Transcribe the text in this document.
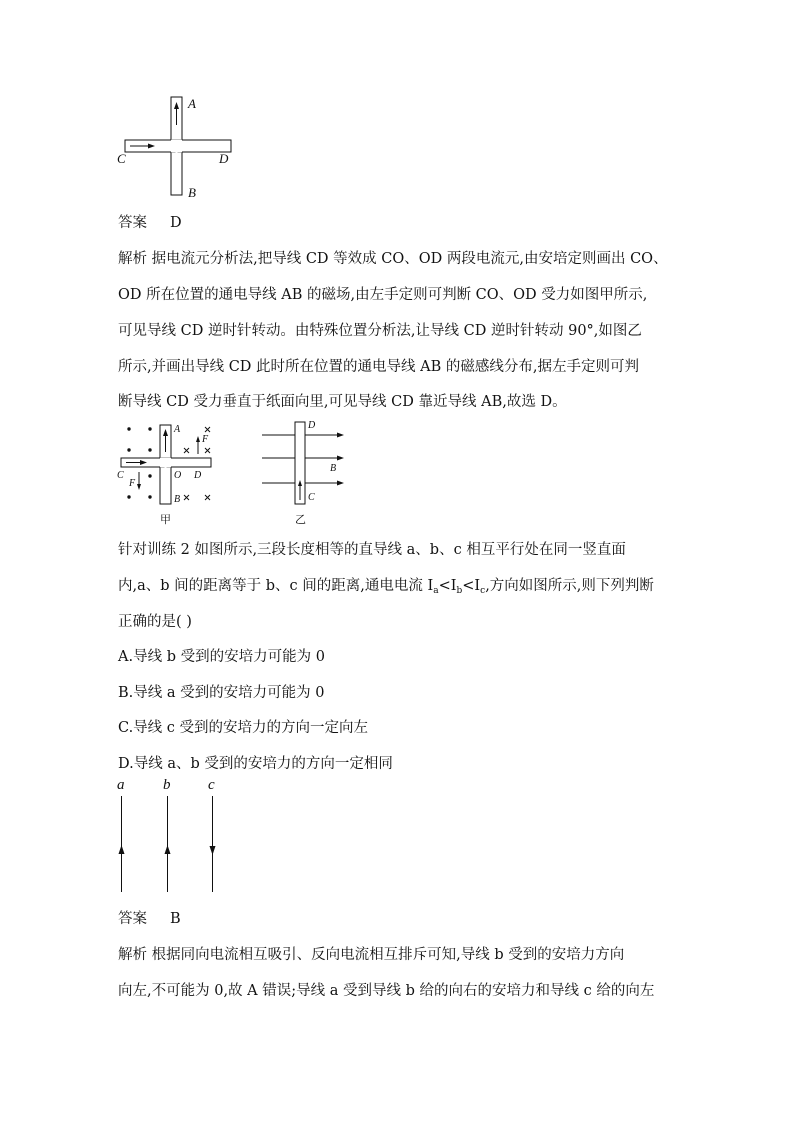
A
B
C	D
答案 D
解析 据电流元分析法,把导线 CD 等效成 CO、OD 两段电流元,由安培定则画出 CO、
OD 所在位置的通电导线 AB 的磁场,由左手定则可判断 CO、OD 受力如图甲所示,
可见导线 CD 逆时针转动。由特殊位置分析法,让导线 CD 逆时针转动 90°,如图乙
所示,并画出导线 CD 此时所在位置的通电导线 AB 的磁感线分布,据左手定则可判
断导线 CD 受力垂直于纸面向里,可见导线 CD 靠近导线 AB,故选 D。
A
O D
B
C
F
F
甲
D
B
C
乙
针对训练 2 如图所示,三段长度相等的直导线 a、b、c 相互平行处在同一竖直面
内,a、b 间的距离等于 b、c 间的距离,通电电流 $I_a<I_b<I_c$,方向如图所示,则下列判断
正确的是( )
A.导线 b 受到的安培力可能为 0
B.导线 a 受到的安培力可能为 0
C.导线 c 受到的安培力的方向一定向左
D.导线 a、b 受到的安培力的方向一定相同
a	b	c
答案 B
解析 根据同向电流相互吸引、反向电流相互排斥可知,导线 b 受到的安培力方向
向左,不可能为 0,故 A 错误;导线 a 受到导线 b 给的向右的安培力和导线 c 给的向左
